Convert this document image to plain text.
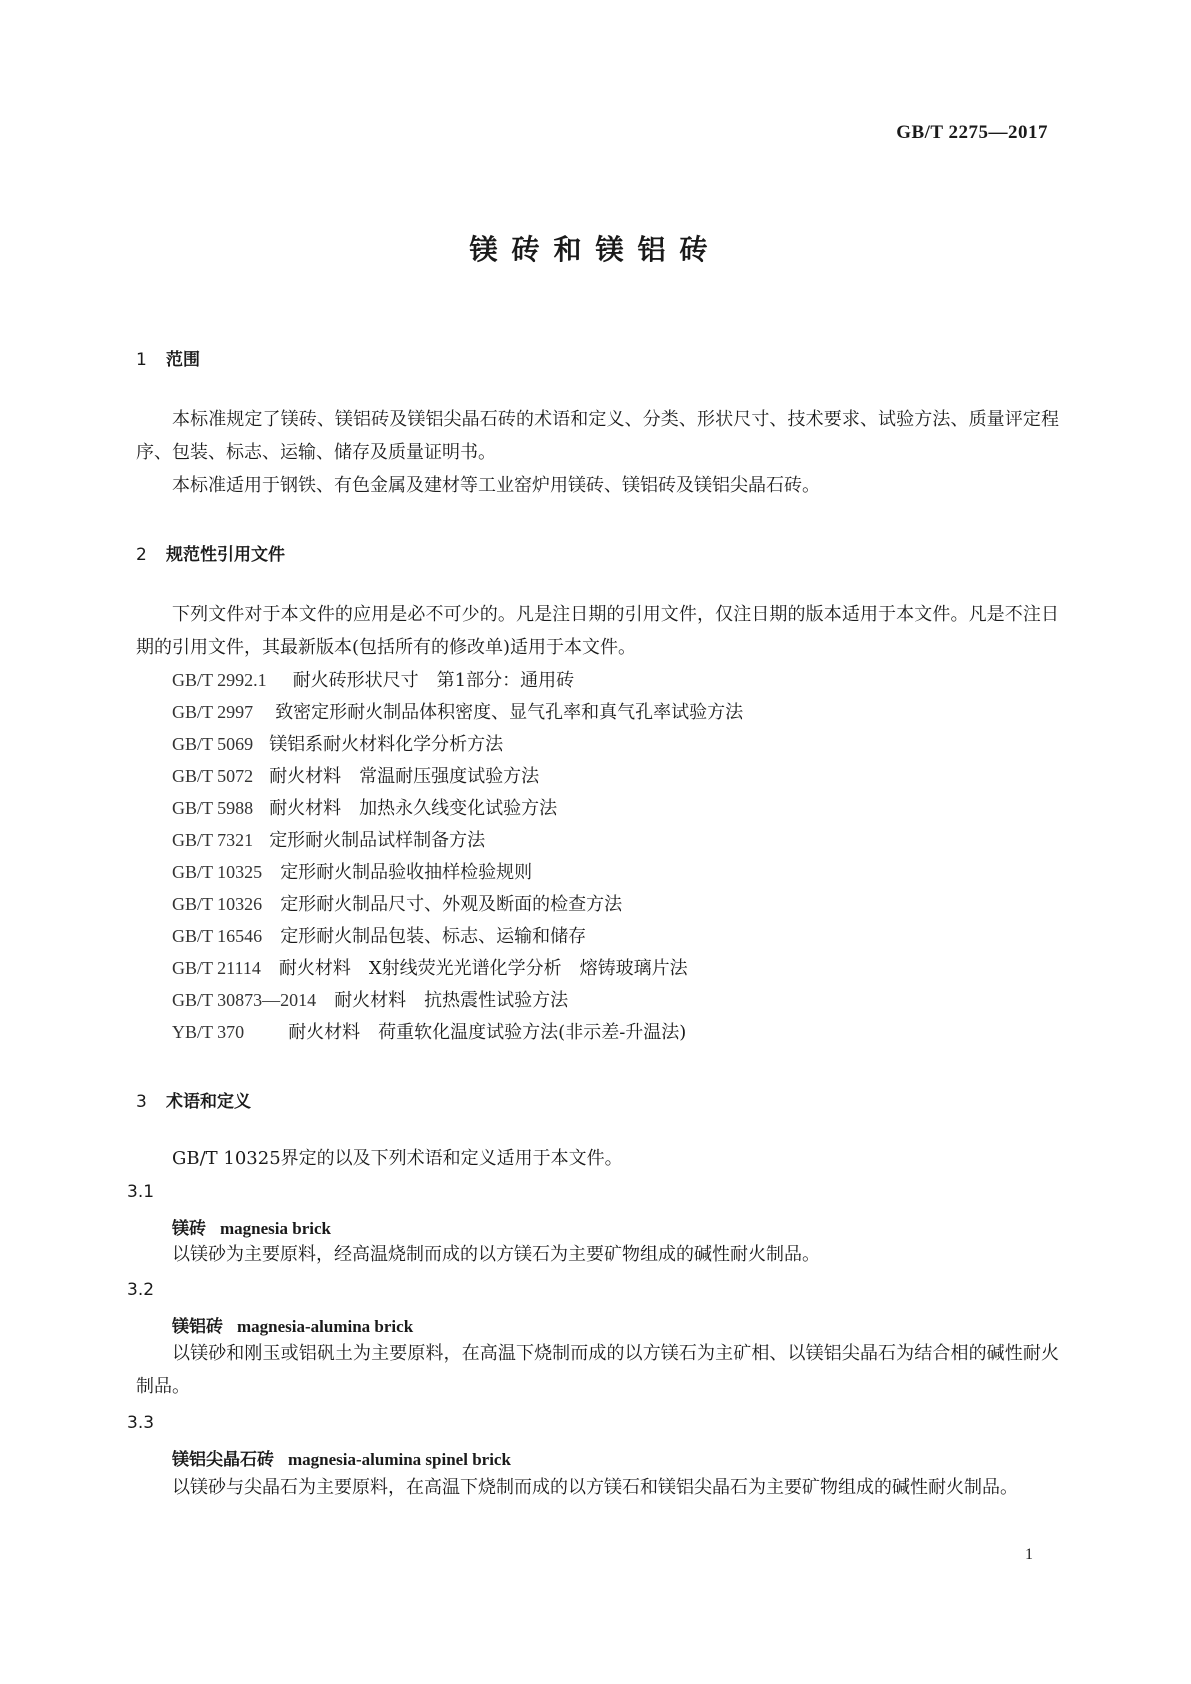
GB/T 2275—2017
镁砖和镁铝砖
1 范围

本标准规定了镁砖、镁铝砖及镁铝尖晶石砖的术语和定义、分类、形状尺寸、技术要求、试验方法、质量评定程序、包装、标志、运输、储存及质量证明书。

本标准适用于钢铁、有色金属及建材等工业窑炉用镁砖、镁铝砖及镁铝尖晶石砖。

2 规范性引用文件

下列文件对于本文件的应用是必不可少的。凡是注日期的引用文件，仅注日期的版本适用于本文件。凡是不注日期的引用文件，其最新版本(包括所有的修改单)适用于本文件。

GB/T 2992.1 耐火砖形状尺寸　第1部分：通用砖
GB/T 2997 致密定形耐火制品体积密度、显气孔率和真气孔率试验方法
GB/T 5069 镁铝系耐火材料化学分析方法
GB/T 5072 耐火材料　常温耐压强度试验方法
GB/T 5988 耐火材料　加热永久线变化试验方法
GB/T 7321 定形耐火制品试样制备方法
GB/T 10325 定形耐火制品验收抽样检验规则
GB/T 10326 定形耐火制品尺寸、外观及断面的检查方法
GB/T 16546 定形耐火制品包装、标志、运输和储存
GB/T 21114 耐火材料　X射线荧光光谱化学分析　熔铸玻璃片法
GB/T 30873—2014 耐火材料　抗热震性试验方法
YB/T 370 耐火材料　荷重软化温度试验方法(非示差-升温法)
3 术语和定义

GB/T 10325界定的以及下列术语和定义适用于本文件。

3.1
镁砖 magnesia brick

以镁砂为主要原料，经高温烧制而成的以方镁石为主要矿物组成的碱性耐火制品。

3.2
镁铝砖 magnesia-alumina brick

以镁砂和刚玉或铝矾土为主要原料，在高温下烧制而成的以方镁石为主矿相、以镁铝尖晶石为结合相的碱性耐火制品。

3.3
镁铝尖晶石砖 magnesia-alumina spinel brick

以镁砂与尖晶石为主要原料，在高温下烧制而成的以方镁石和镁铝尖晶石为主要矿物组成的碱性耐火制品。

1
